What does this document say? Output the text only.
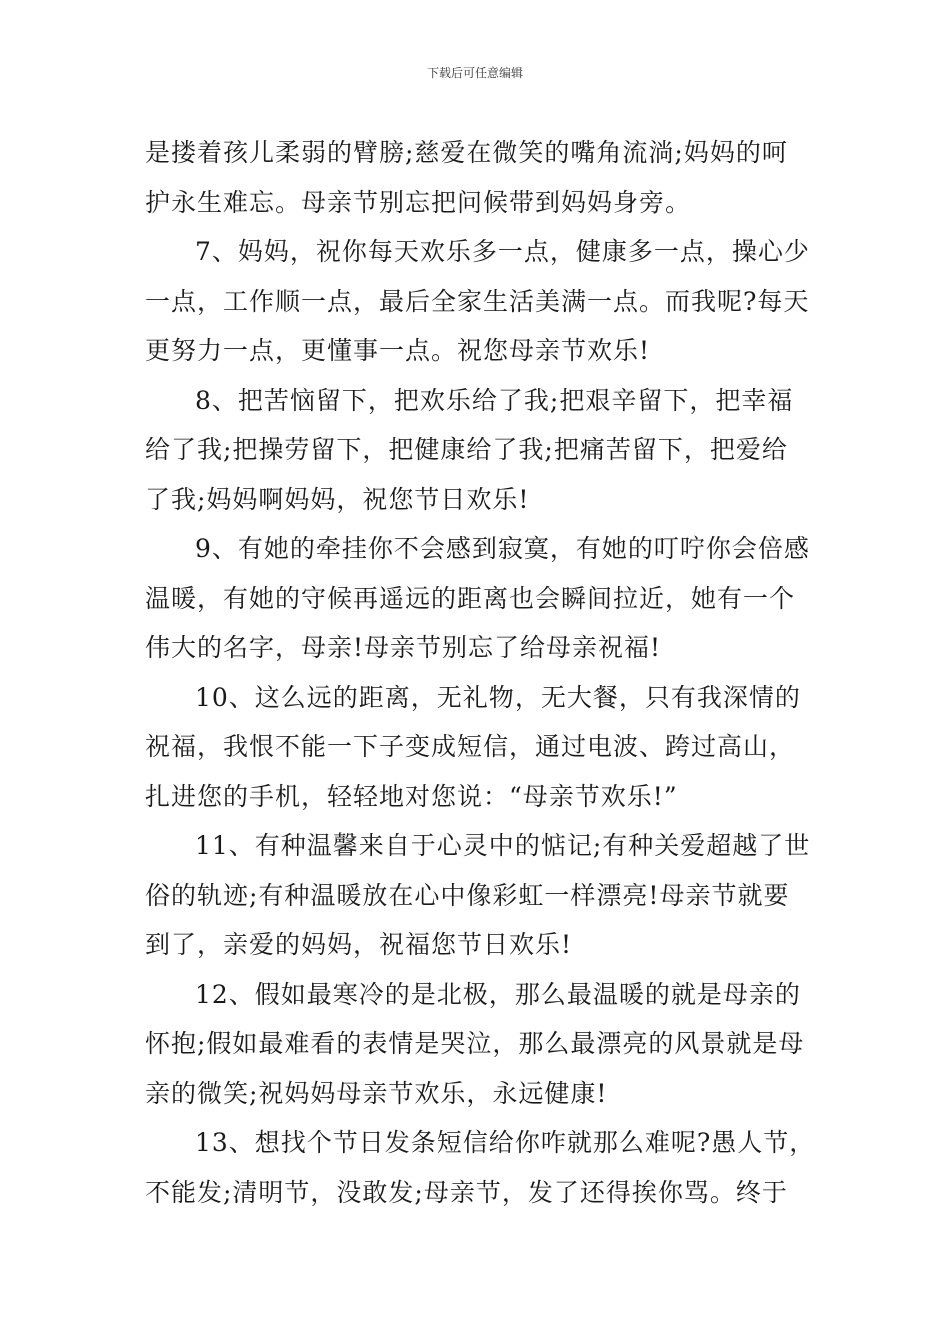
下载后可任意编辑
是搂着孩儿柔弱的臂膀;慈爱在微笑的嘴角流淌;妈妈的呵
护永生难忘。母亲节别忘把问候带到妈妈身旁。
7、妈妈，祝你每天欢乐多一点，健康多一点，操心少
一点，工作顺一点，最后全家生活美满一点。而我呢?每天
更努力一点，更懂事一点。祝您母亲节欢乐!
8、把苦恼留下，把欢乐给了我;把艰辛留下，把幸福
给了我;把操劳留下，把健康给了我;把痛苦留下，把爱给
了我;妈妈啊妈妈，祝您节日欢乐!
9、有她的牵挂你不会感到寂寞，有她的叮咛你会倍感
温暖，有她的守候再遥远的距离也会瞬间拉近，她有一个
伟大的名字，母亲!母亲节别忘了给母亲祝福!
10、这么远的距离，无礼物，无大餐，只有我深情的
祝福，我恨不能一下子变成短信，通过电波、跨过高山，
扎进您的手机，轻轻地对您说：“母亲节欢乐!”
11、有种温馨来自于心灵中的惦记;有种关爱超越了世
俗的轨迹;有种温暖放在心中像彩虹一样漂亮!母亲节就要
到了，亲爱的妈妈，祝福您节日欢乐!
12、假如最寒冷的是北极，那么最温暖的就是母亲的
怀抱;假如最难看的表情是哭泣，那么最漂亮的风景就是母
亲的微笑;祝妈妈母亲节欢乐，永远健康!
13、想找个节日发条短信给你咋就那么难呢?愚人节，
不能发;清明节，没敢发;母亲节，发了还得挨你骂。终于
